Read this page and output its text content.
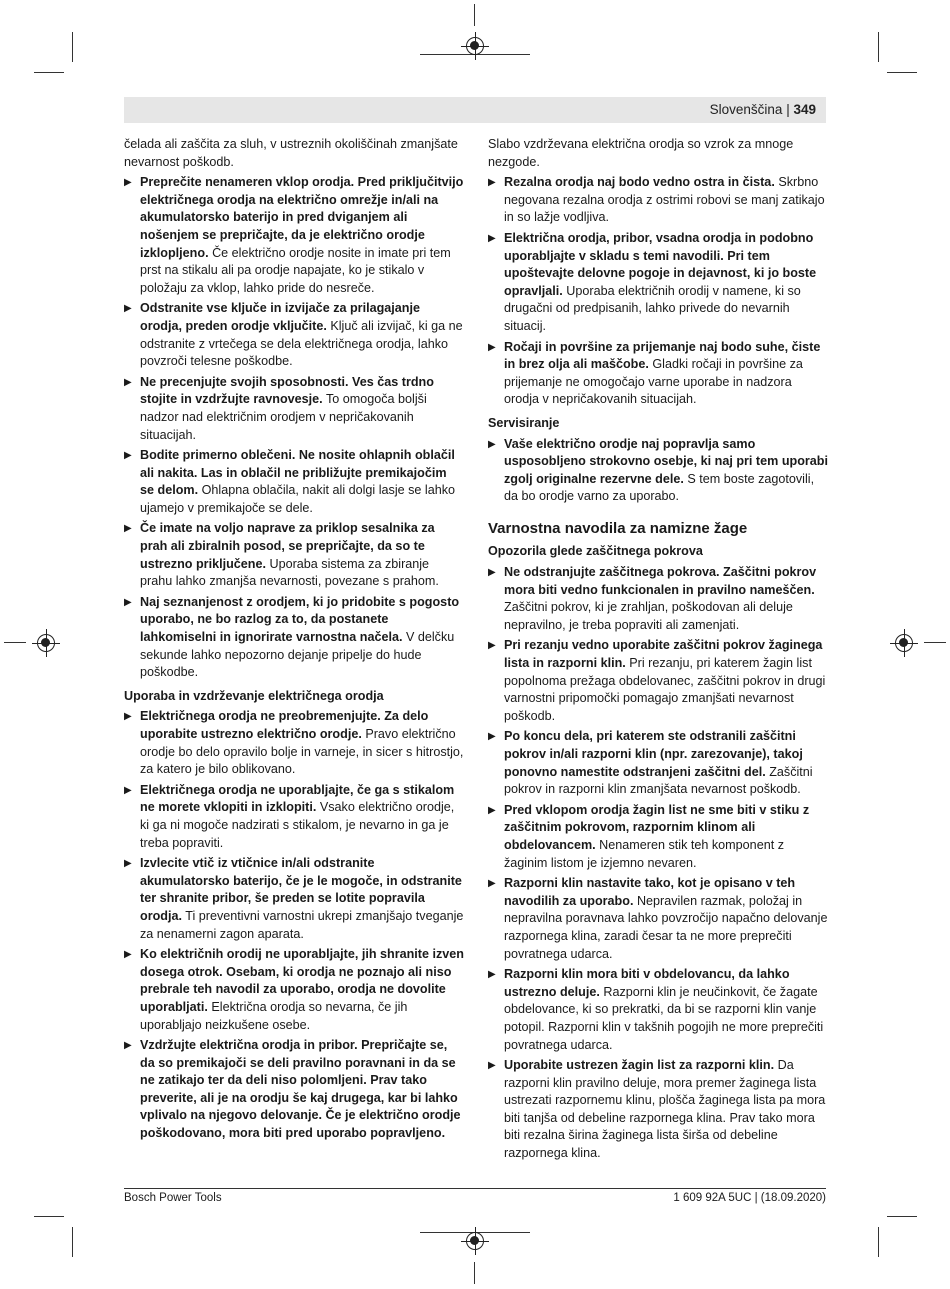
Slovenščina | 349

čelada ali zaščita za sluh, v ustreznih okoliščinah zmanjšate nevarnost poškodb.

▶ Preprečite nenameren vklop orodja. Pred priključitvijo električnega orodja na električno omrežje in/ali na akumulatorsko baterijo in pred dviganjem ali nošenjem se prepričajte, da je električno orodje izklopljeno. Če električno orodje nosite in imate pri tem prst na stikalu ali pa orodje napajate, ko je stikalo v položaju za vklop, lahko pride do nesreče.
▶ Odstranite vse ključe in izvijače za prilagajanje orodja, preden orodje vključite. Ključ ali izvijač, ki ga ne odstranite z vrtečega se dela električnega orodja, lahko povzroči telesne poškodbe.
▶ Ne precenjujte svojih sposobnosti. Ves čas trdno stojite in vzdržujte ravnovesje. To omogoča boljši nadzor nad električnim orodjem v nepričakovanih situacijah.
▶ Bodite primerno oblečeni. Ne nosite ohlapnih oblačil ali nakita. Las in oblačil ne približujte premikajočim se delom. Ohlapna oblačila, nakit ali dolgi lasje se lahko ujamejo v premikajoče se dele.
▶ Če imate na voljo naprave za priklop sesalnika za prah ali zbiralnih posod, se prepričajte, da so te ustrezno priključene. Uporaba sistema za zbiranje prahu lahko zmanjša nevarnosti, povezane s prahom.
▶ Naj seznanjenost z orodjem, ki jo pridobite s pogosto uporabo, ne bo razlog za to, da postanete lahkomiselni in ignorirate varnostna načela. V delčku sekunde lahko nepozorno dejanje pripelje do hude poškodbe.
Uporaba in vzdrževanje električnega orodja
▶ Električnega orodja ne preobremenjujte. Za delo uporabite ustrezno električno orodje. Pravo električno orodje bo delo opravilo bolje in varneje, in sicer s hitrostjo, za katero je bilo oblikovano.
▶ Električnega orodja ne uporabljajte, če ga s stikalom ne morete vklopiti in izklopiti. Vsako električno orodje, ki ga ni mogoče nadzirati s stikalom, je nevarno in ga je treba popraviti.
▶ Izvlecite vtič iz vtičnice in/ali odstranite akumulatorsko baterijo, če je le mogoče, in odstranite ter shranite pribor, še preden se lotite popravila orodja. Ti preventivni varnostni ukrepi zmanjšajo tveganje za nenamerni zagon aparata.
▶ Ko električnih orodij ne uporabljajte, jih shranite izven dosega otrok. Osebam, ki orodja ne poznajo ali niso prebrale teh navodil za uporabo, orodja ne dovolite uporabljati. Električna orodja so nevarna, če jih uporabljajo neizkušene osebe.
▶ Vzdržujte električna orodja in pribor. Prepričajte se, da so premikajoči se deli pravilno poravnani in da se ne zatikajo ter da deli niso polomljeni. Prav tako preverite, ali je na orodju še kaj drugega, kar bi lahko vplivalo na njegovo delovanje. Če je električno orodje poškodovano, mora biti pred uporabo popravljeno.

Slabo vzdrževana električna orodja so vzrok za mnoge nezgode.

▶ Rezalna orodja naj bodo vedno ostra in čista. Skrbno negovana rezalna orodja z ostrimi robovi se manj zatikajo in so lažje vodljiva.
▶ Električna orodja, pribor, vsadna orodja in podobno uporabljajte v skladu s temi navodili. Pri tem upoštevajte delovne pogoje in dejavnost, ki jo boste opravljali. Uporaba električnih orodij v namene, ki so drugačni od predpisanih, lahko privede do nevarnih situacij.
▶ Ročaji in površine za prijemanje naj bodo suhe, čiste in brez olja ali maščobe. Gladki ročaji in površine za prijemanje ne omogočajo varne uporabe in nadzora orodja v nepričakovanih situacijah.
Servisiranje
▶ Vaše električno orodje naj popravlja samo usposobljeno strokovno osebje, ki naj pri tem uporabi zgolj originalne rezervne dele. S tem boste zagotovili, da bo orodje varno za uporabo.
Varnostna navodila za namizne žage
Opozorila glede zaščitnega pokrova
▶ Ne odstranjujte zaščitnega pokrova. Zaščitni pokrov mora biti vedno funkcionalen in pravilno nameščen. Zaščitni pokrov, ki je zrahljan, poškodovan ali deluje nepravilno, je treba popraviti ali zamenjati.
▶ Pri rezanju vedno uporabite zaščitni pokrov žaginega lista in razporni klin. Pri rezanju, pri katerem žagin list popolnoma prežaga obdelovanec, zaščitni pokrov in drugi varnostni pripomočki pomagajo zmanjšati nevarnost poškodb.
▶ Po koncu dela, pri katerem ste odstranili zaščitni pokrov in/ali razporni klin (npr. zarezovanje), takoj ponovno namestite odstranjeni zaščitni del. Zaščitni pokrov in razporni klin zmanjšata nevarnost poškodb.
▶ Pred vklopom orodja žagin list ne sme biti v stiku z zaščitnim pokrovom, razpornim klinom ali obdelovancem. Nenameren stik teh komponent z žaginim listom je izjemno nevaren.
▶ Razporni klin nastavite tako, kot je opisano v teh navodilih za uporabo. Nepravilen razmak, položaj in nepravilna poravnava lahko povzročijo napačno delovanje razpornega klina, zaradi česar ta ne more preprečiti povratnega udarca.
▶ Razporni klin mora biti v obdelovancu, da lahko ustrezno deluje. Razporni klin je neučinkovit, če žagate obdelovance, ki so prekratki, da bi se razporni klin vanje potopil. Razporni klin v takšnih pogojih ne more preprečiti povratnega udarca.
▶ Uporabite ustrezen žagin list za razporni klin. Da razporni klin pravilno deluje, mora premer žaginega lista ustrezati razpornemu klinu, plošča žaginega lista pa mora biti tanjša od debeline razpornega klina. Prav tako mora biti rezalna širina žaginega lista širša od debeline razpornega klina.
Bosch Power Tools	1 609 92A 5UC | (18.09.2020)
